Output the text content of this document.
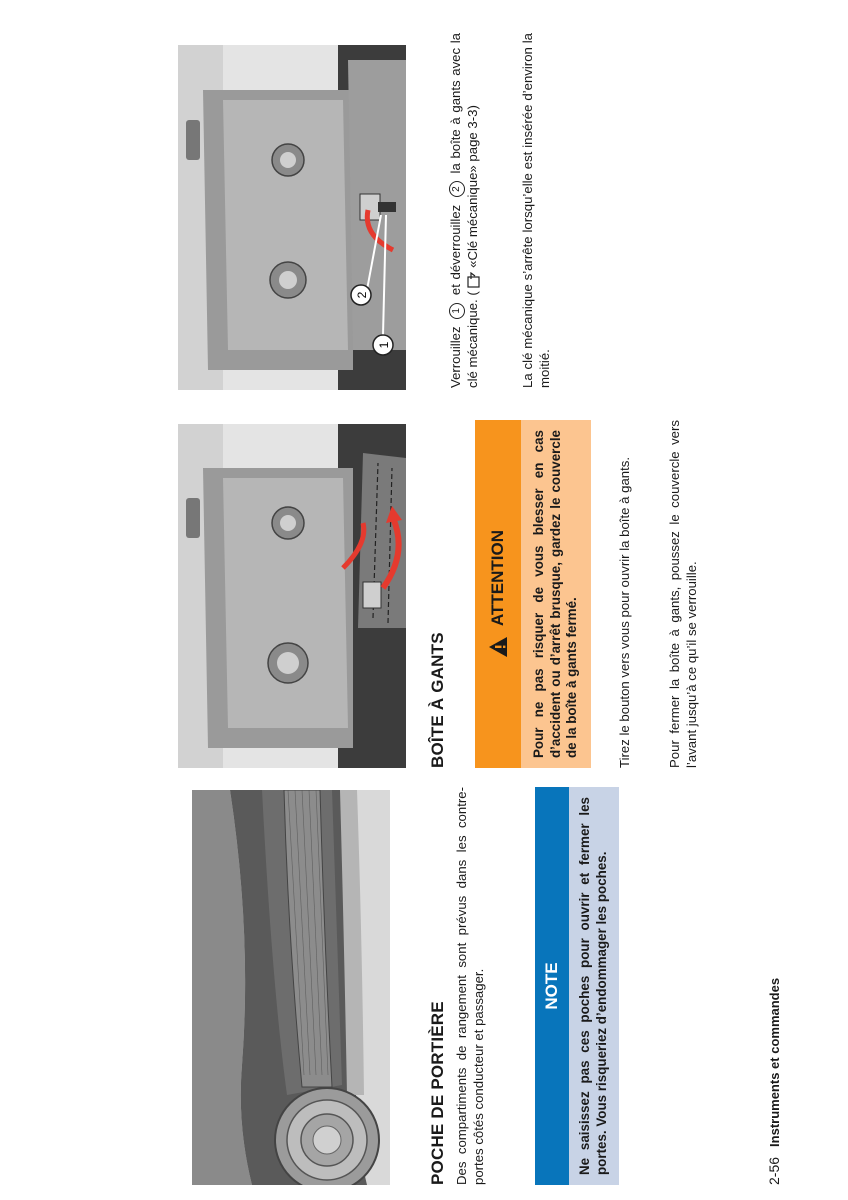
POCHE DE PORTIÈRE Des compartiments de rangement sont prévus dans les contre-portes côtés conducteur et passager.	NOTE	Ne saisissez pas ces poches pour ouvrir et fermer les portes. Vous risqueriez d’endommager les poches.	2-56Instruments et commandes
BOÎTE À GANTS
ATTENTION	Pour ne pas risquer de vous blesser en cas d’accident ou d’arrêt brusque, gardez le couvercle de la boîte à gants fermé.	Tirez le bouton vers vous pour ouvrir la boîte à gants.	Pour fermer la boîte à gants, poussez le couvercle vers l’avant jusqu’à ce qu’il se verrouille.

2
1	Verrouillez 1 et déverrouillez 2 la boîte à gants avec la clé mécanique. (  «Clé mécanique» page 3-3)	La clé mécanique s’arrête lorsqu’elle est insérée d’environ la moitié.
